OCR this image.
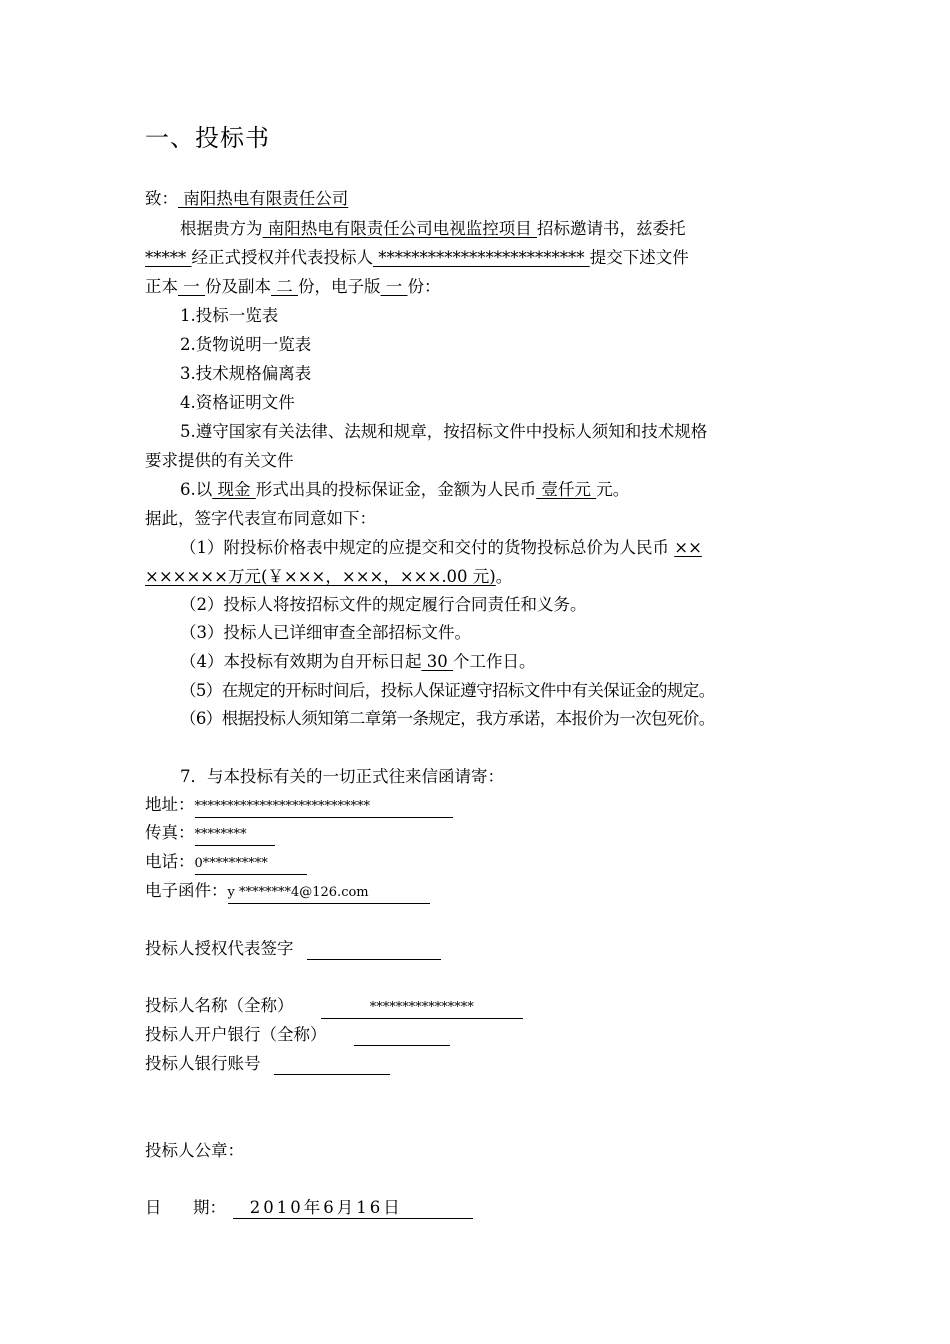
一、投标书
致： 南阳热电有限责任公司
根据贵方为 南阳热电有限责任公司电视监控项目 招标邀请书，兹委托
***** 经正式授权并代表投标人 ************************* 提交下述文件
正本 一 份及副本 二 份，电子版 一 份：
1.投标一览表
2.货物说明一览表
3.技术规格偏离表
4.资格证明文件
5.遵守国家有关法律、法规和规章，按招标文件中投标人须知和技术规格
要求提供的有关文件
6.以 现金 形式出具的投标保证金，金额为人民币 壹仟元 元。
据此，签字代表宣布同意如下：
（1）附投标价格表中规定的应提交和交付的货物投标总价为人民币 ××
××××××万元(￥×××，×××，×××.00 元)。
（2）投标人将按招标文件的规定履行合同责任和义务。
（3）投标人已详细审查全部招标文件。
（4）本投标有效期为自开标日起 30 个工作日。
（5）在规定的开标时间后，投标人保证遵守招标文件中有关保证金的规定。
（6）根据投标人须知第二章第一条规定，我方承诺，本报价为一次包死价。
7．与本投标有关的一切正式往来信函请寄：
地址：***************************
传真：********
电话：0**********
电子函件：y ********4@126.com
投标人授权代表签字
投标人名称（全称）	****************
投标人开户银行（全称）
投标人银行账号
投标人公章：
日      期：   2010年6月16日
